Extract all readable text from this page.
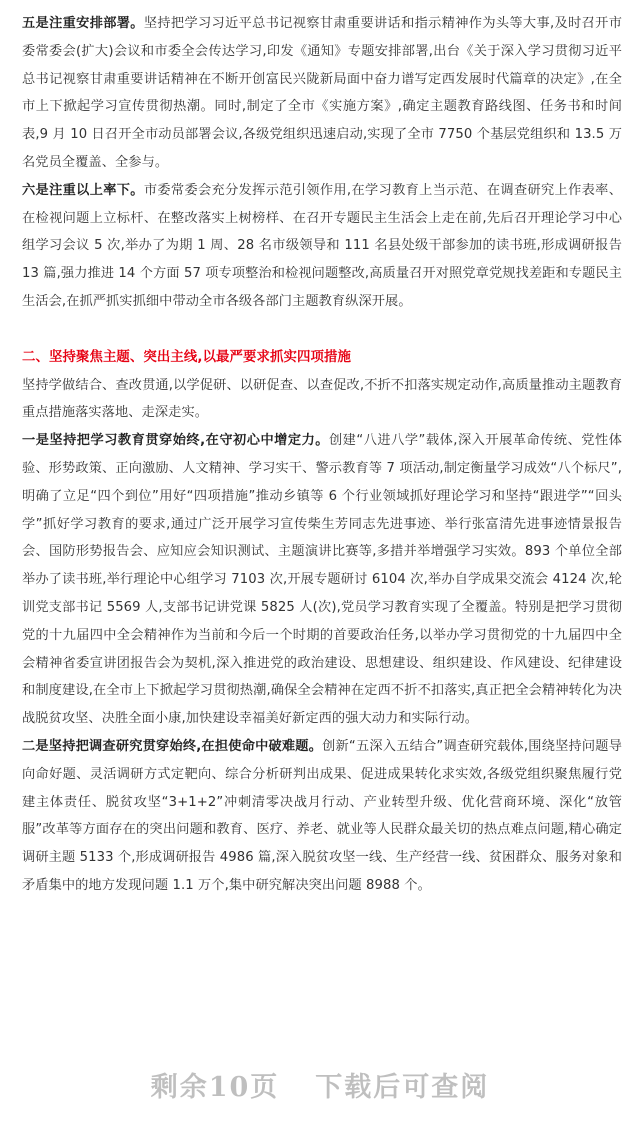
五是注重安排部署。坚持把学习习近平总书记视察甘肃重要讲话和指示精神作为头等大事,及时召开市委常委会(扩大)会议和市委全会传达学习,印发《通知》专题安排部署,出台《关于深入学习贯彻习近平总书记视察甘肃重要讲话精神在不断开创富民兴陇新局面中奋力谱写定西发展时代篇章的决定》,在全市上下掀起学习宣传贯彻热潮。同时,制定了全市《实施方案》,确定主题教育路线图、任务书和时间表,9 月 10 日召开全市动员部署会议,各级党组织迅速启动,实现了全市 7750 个基层党组织和 13.5 万名党员全覆盖、全参与。

六是注重以上率下。市委常委会充分发挥示范引领作用,在学习教育上当示范、在调查研究上作表率、在检视问题上立标杆、在整改落实上树榜样、在召开专题民主生活会上走在前,先后召开理论学习中心组学习会议 5 次,举办了为期 1 周、28 名市级领导和 111 名县处级干部参加的读书班,形成调研报告 13 篇,强力推进 14 个方面 57 项专项整治和检视问题整改,高质量召开对照党章党规找差距和专题民主生活会,在抓严抓实抓细中带动全市各级各部门主题教育纵深开展。

二、坚持聚焦主题、突出主线,以最严要求抓实四项措施

坚持学做结合、查改贯通,以学促研、以研促查、以查促改,不折不扣落实规定动作,高质量推动主题教育重点措施落实落地、走深走实。

一是坚持把学习教育贯穿始终,在守初心中增定力。创建“八进八学”载体,深入开展革命传统、党性体验、形势政策、正向激励、人文精神、学习实干、警示教育等 7 项活动,制定衡量学习成效“八个标尺”,明确了立足“四个到位”用好“四项措施”推动乡镇等 6 个行业领域抓好理论学习和坚持“跟进学”“回头学”抓好学习教育的要求,通过广泛开展学习宣传柴生芳同志先进事迹、举行张富清先进事迹情景报告会、国防形势报告会、应知应会知识测试、主题演讲比赛等,多措并举增强学习实效。893 个单位全部举办了读书班,举行理论中心组学习 7103 次,开展专题研讨 6104 次,举办自学成果交流会 4124 次,轮训党支部书记 5569 人,支部书记讲党课 5825 人(次),党员学习教育实现了全覆盖。特别是把学习贯彻党的十九届四中全会精神作为当前和今后一个时期的首要政治任务,以举办学习贯彻党的十九届四中全会精神省委宣讲团报告会为契机,深入推进党的政治建设、思想建设、组织建设、作风建设、纪律建设和制度建设,在全市上下掀起学习贯彻热潮,确保全会精神在定西不折不扣落实,真正把全会精神转化为决战脱贫攻坚、决胜全面小康,加快建设幸福美好新定西的强大动力和实际行动。

二是坚持把调查研究贯穿始终,在担使命中破难题。创新“五深入五结合”调查研究载体,围绕坚持问题导向命好题、灵活调研方式定靶向、综合分析研判出成果、促进成果转化求实效,各级党组织聚焦履行党建主体责任、脱贫攻坚“3+1+2”冲刺清零决战月行动、产业转型升级、优化营商环境、深化“放管服”改革等方面存在的突出问题和教育、医疗、养老、就业等人民群众最关切的热点难点问题,精心确定调研主题 5133 个,形成调研报告 4986 篇,深入脱贫攻坚一线、生产经营一线、贫困群众、服务对象和矛盾集中的地方发现问题 1.1 万个,集中研究解决突出问题 8988 个。

剩余10页 下载后可查阅
